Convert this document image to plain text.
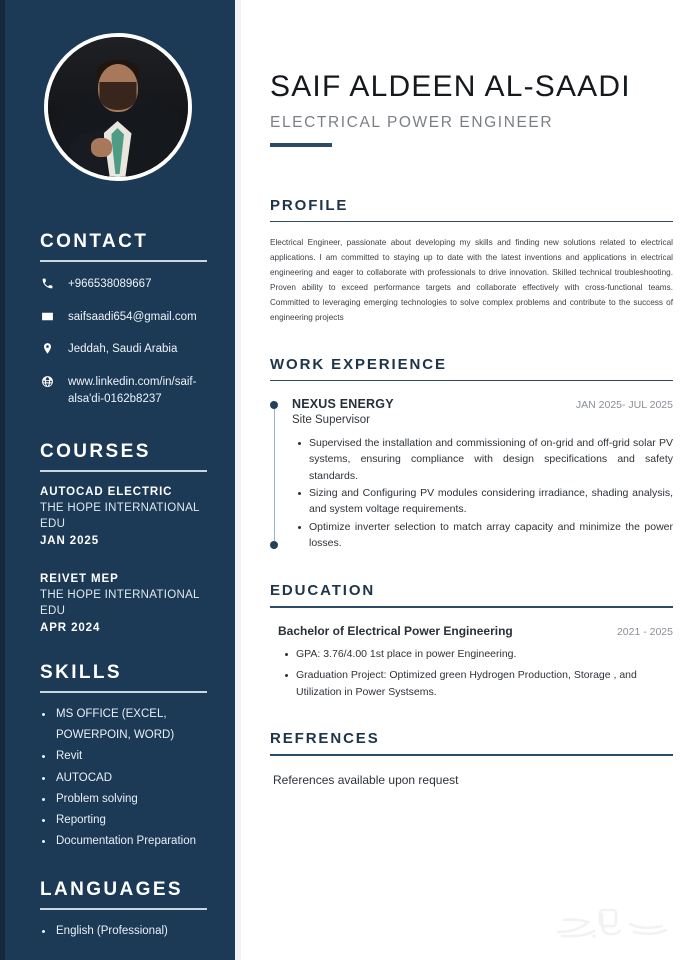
CONTACT
+966538089667
saifsaadi654@gmail.com
Jeddah, Saudi Arabia
www.linkedin.com/in/saif-alsa'di-0162b8237
COURSES

AUTOCAD ELECTRIC

THE HOPE INTERNATIONAL EDU

JAN 2025

REIVET MEP

THE HOPE INTERNATIONAL EDU

APR 2024

SKILLS
MS OFFICE (EXCEL, POWERPOIN, WORD)
Revit
AUTOCAD
Problem solving
Reporting
Documentation Preparation
LANGUAGES
English (Professional)
SAIF ALDEEN AL-SAADI

ELECTRICAL POWER ENGINEER

PROFILE

Electrical Engineer, passionate about developing my skills and finding new solutions related to electrical applications. I am committed to staying up to date with the latest inventions and applications in electrical engineering and eager to collaborate with professionals to drive innovation. Skilled technical troubleshooting. Proven ability to exceed performance targets and collaborate effectively with cross-functional teams. Committed to leveraging emerging technologies to solve complex problems and contribute to the success of engineering projects

WORK EXPERIENCE
NEXUS ENERGY	JAN 2025- JUL 2025

Site Supervisor

Supervised the installation and commissioning of on-grid and off-grid solar PV systems, ensuring compliance with design specifications and safety standards.
Sizing and Configuring PV modules considering irradiance, shading analysis, and system voltage requirements.
Optimize inverter selection to match array capacity and minimize the power losses.
EDUCATION
Bachelor of Electrical Power Engineering	2021 - 2025
GPA: 3.76/4.00 1st place in power Engineering.
Graduation Project: Optimized green Hydrogen Production, Storage , and Utilization in Power Systsems.
REFRENCES

References available upon request
